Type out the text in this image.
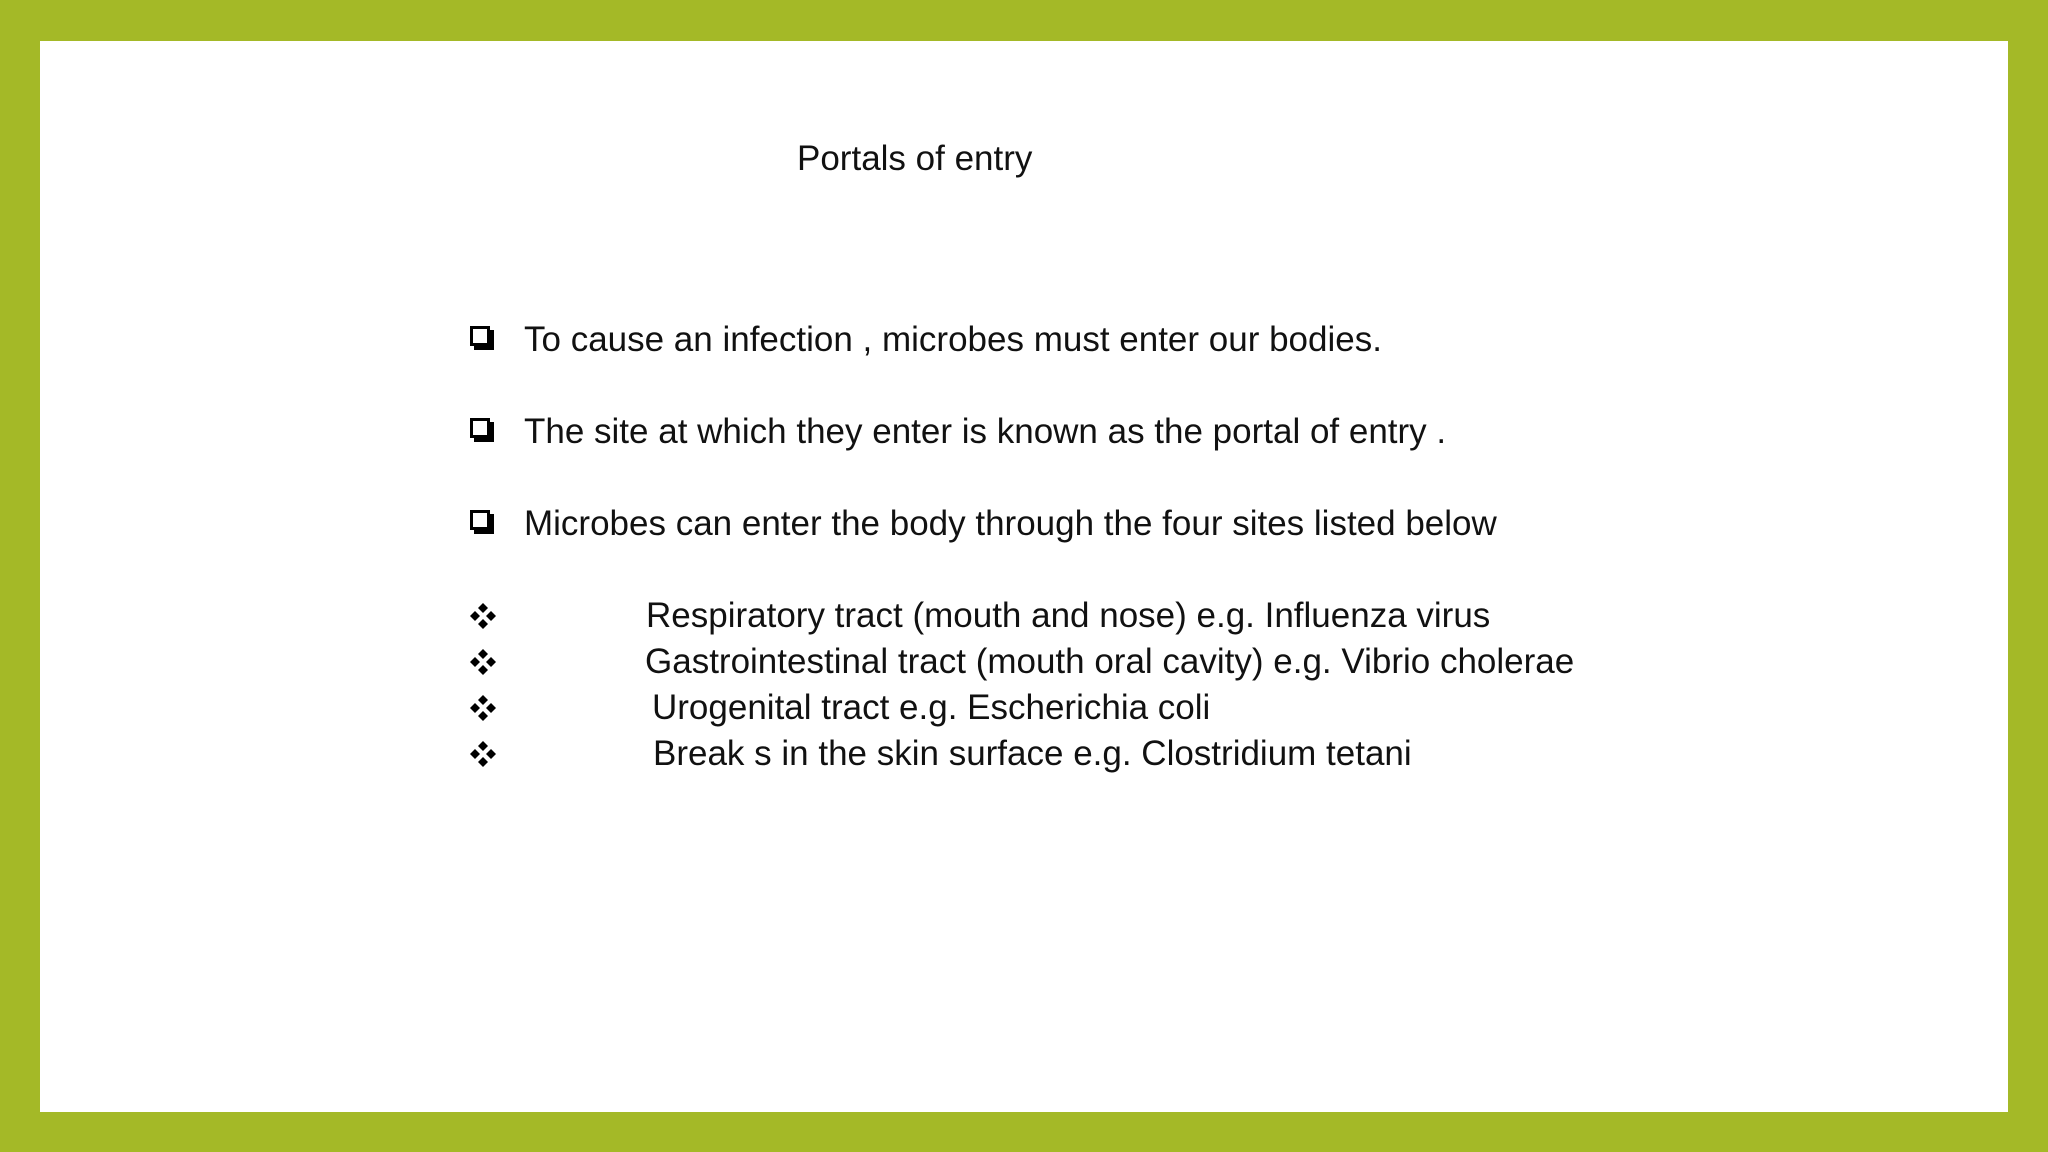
Portals of entry
To cause an infection , microbes must enter our bodies.
The site at which they enter is known as the portal of entry .
Microbes can enter the body through the four sites listed below
Respiratory tract (mouth and nose) e.g. Influenza virus
Gastrointestinal tract (mouth oral cavity) e.g. Vibrio cholerae
Urogenital tract e.g. Escherichia coli
Break s in the skin surface e.g. Clostridium tetani
